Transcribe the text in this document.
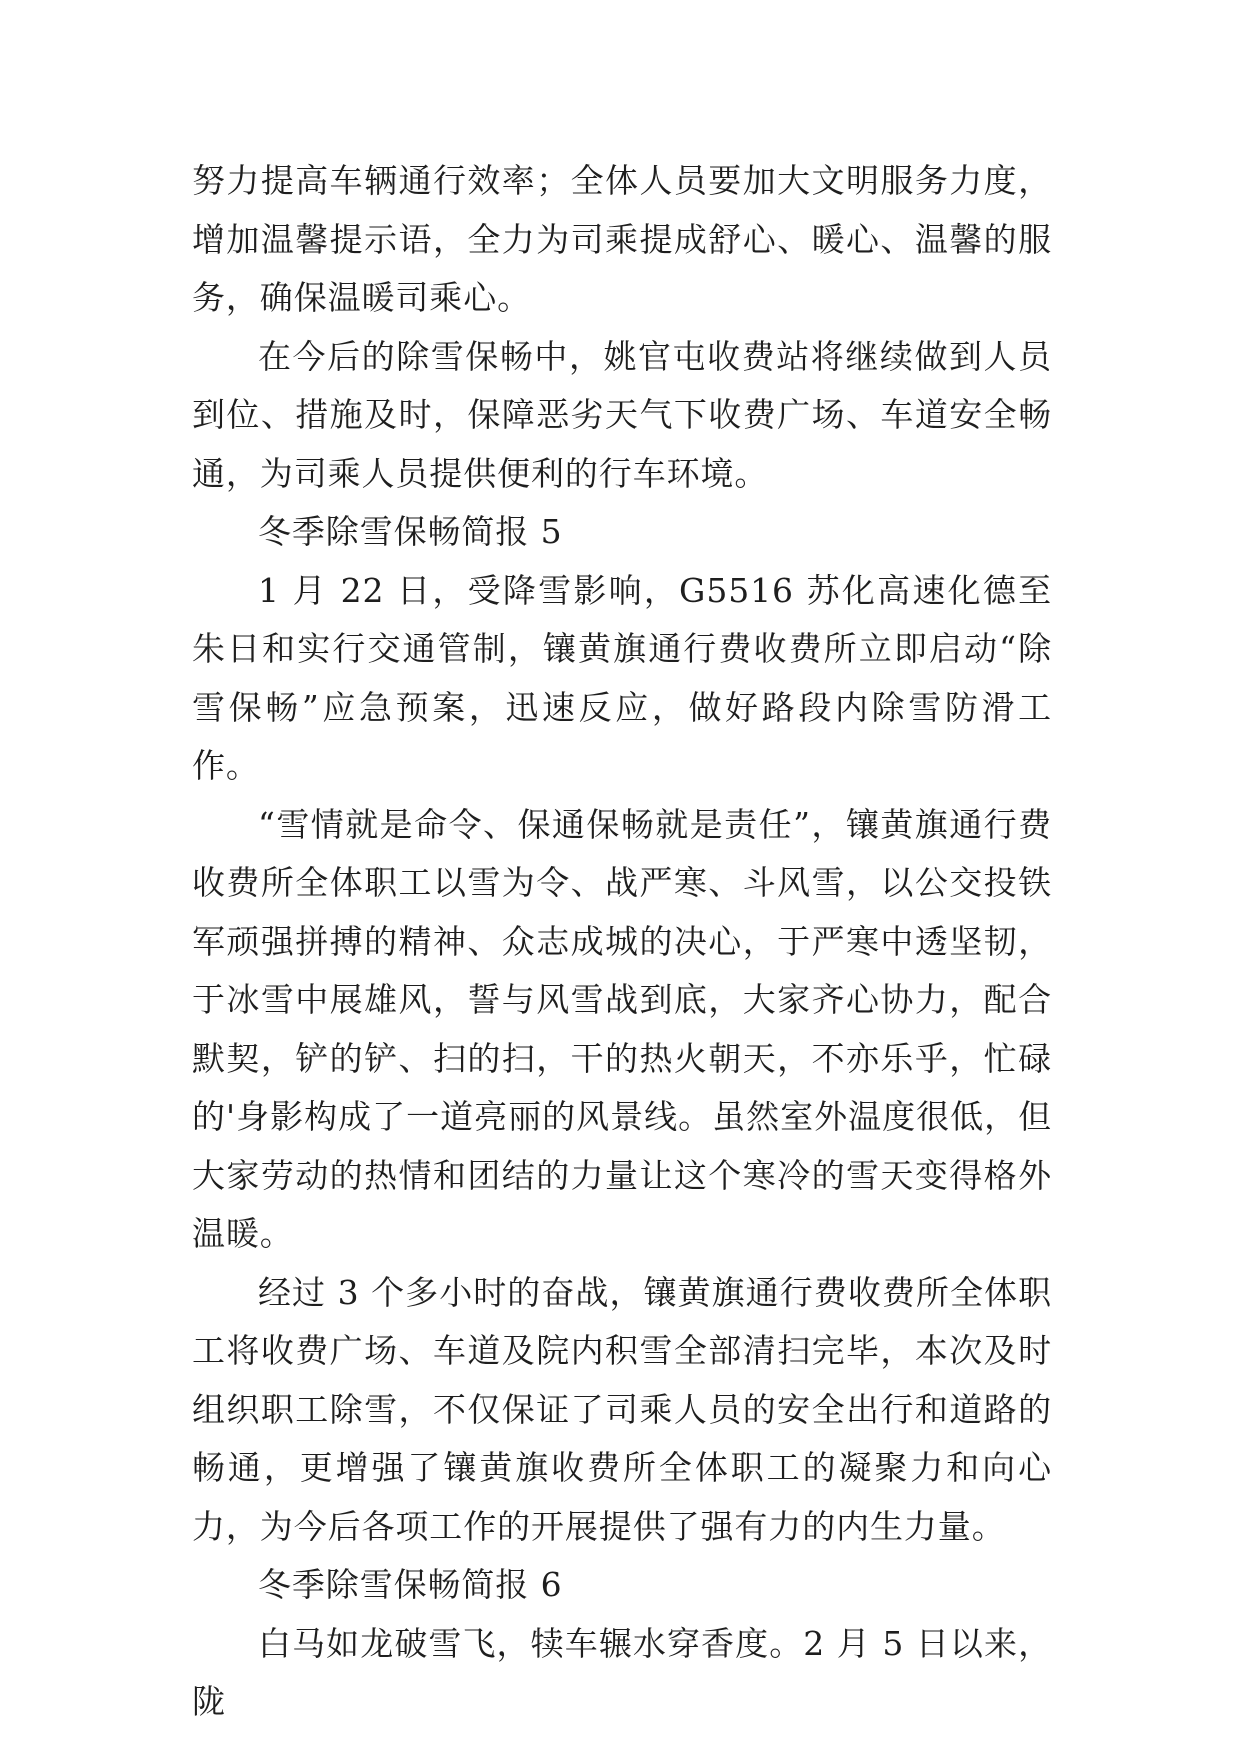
努力提高车辆通行效率；全体人员要加大文明服务力度，增加温馨提示语，全力为司乘提成舒心、暖心、温馨的服务，确保温暖司乘心。

在今后的除雪保畅中，姚官屯收费站将继续做到人员到位、措施及时，保障恶劣天气下收费广场、车道安全畅通，为司乘人员提供便利的行车环境。

冬季除雪保畅简报 5

1 月 22 日，受降雪影响，G5516 苏化高速化德至朱日和实行交通管制，镶黄旗通行费收费所立即启动“除雪保畅”应急预案，迅速反应，做好路段内除雪防滑工作。

“雪情就是命令、保通保畅就是责任”，镶黄旗通行费收费所全体职工以雪为令、战严寒、斗风雪，以公交投铁军顽强拼搏的精神、众志成城的决心，于严寒中透坚韧，于冰雪中展雄风，誓与风雪战到底，大家齐心协力，配合默契，铲的铲、扫的扫，干的热火朝天，不亦乐乎，忙碌的'身影构成了一道亮丽的风景线。虽然室外温度很低，但大家劳动的热情和团结的力量让这个寒冷的雪天变得格外温暖。

经过 3 个多小时的奋战，镶黄旗通行费收费所全体职工将收费广场、车道及院内积雪全部清扫完毕，本次及时组织职工除雪，不仅保证了司乘人员的安全出行和道路的畅通，更增强了镶黄旗收费所全体职工的凝聚力和向心力，为今后各项工作的开展提供了强有力的内生力量。

冬季除雪保畅简报 6

白马如龙破雪飞，犊车辗水穿香度。2 月 5 日以来，陇
